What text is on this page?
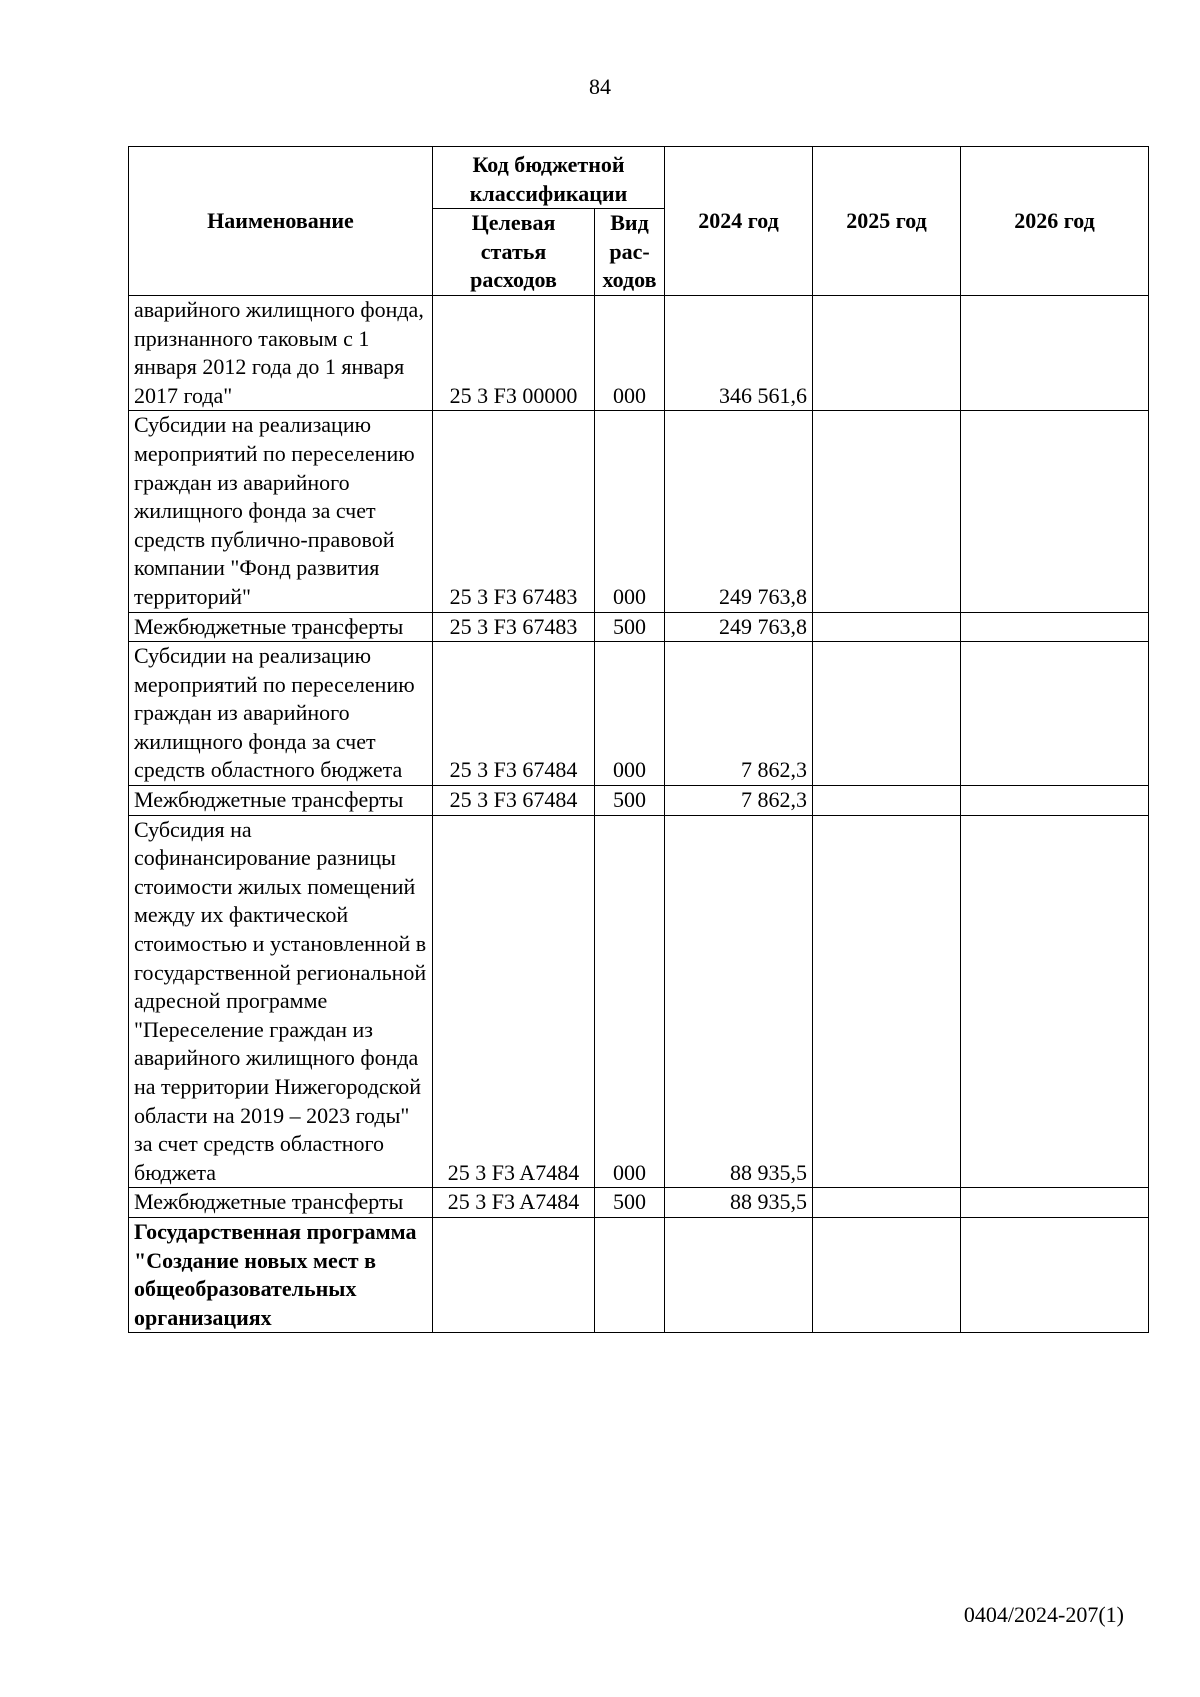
84
Наименование	Код бюджетной классификации		2024 год	2025 год	2026 год
	Целевая статья расходов	Вид рас-ходов			
аварийного жилищного фонда, признанного таковым с 1 января 2012 года до 1 января 2017 года"	25 3 F3 00000	000	346 561,6		
Субсидии на реализацию мероприятий по переселению граждан из аварийного жилищного фонда за счет средств публично-правовой компании "Фонд развития территорий"	25 3 F3 67483	000	249 763,8		
Межбюджетные трансферты	25 3 F3 67483	500	249 763,8		
Субсидии на реализацию мероприятий по переселению граждан из аварийного жилищного фонда за счет средств областного бюджета	25 3 F3 67484	000	7 862,3		
Межбюджетные трансферты	25 3 F3 67484	500	7 862,3		
Субсидия на софинансирование разницы стоимости жилых помещений между их фактической стоимостью и установленной в государственной региональной адресной программе "Переселение граждан из аварийного жилищного фонда на территории Нижегородской области на 2019 – 2023 годы" за счет средств областного бюджета	25 3 F3 A7484	000	88 935,5		
Межбюджетные трансферты	25 3 F3 A7484	500	88 935,5		
Государственная программа "Создание новых мест в общеобразовательных организациях					
0404/2024-207(1)
